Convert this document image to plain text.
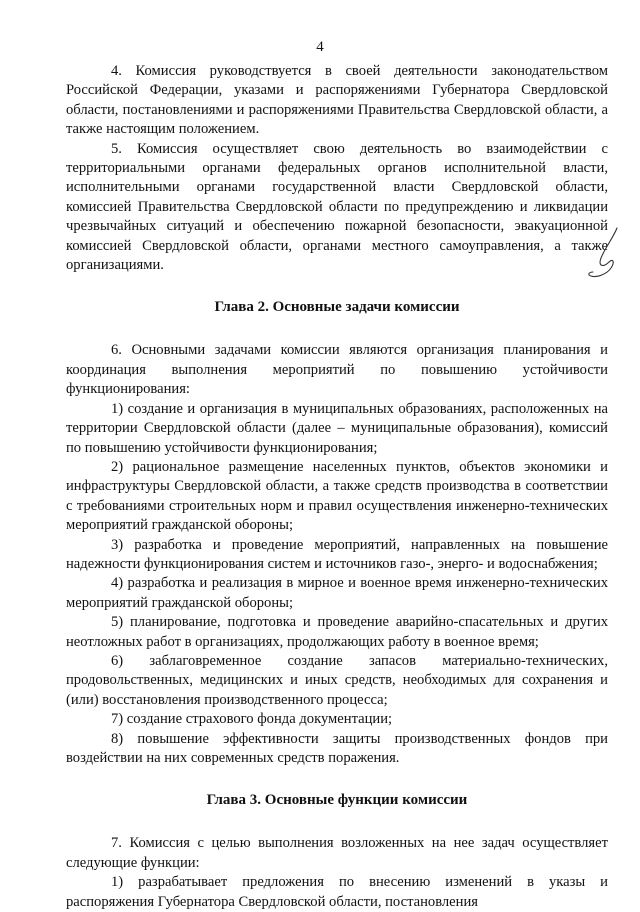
4

4. Комиссия руководствуется в своей деятельности законодательством Российской Федерации, указами и распоряжениями Губернатора Свердловской области, постановлениями и распоряжениями Правительства Свердловской области, а также настоящим положением.

5. Комиссия осуществляет свою деятельность во взаимодействии с территориальными органами федеральных органов исполнительной власти, исполнительными органами государственной власти Свердловской области, комиссией Правительства Свердловской области по предупреждению и ликвидации чрезвычайных ситуаций и обеспечению пожарной безопасности, эвакуационной комиссией Свердловской области, органами местного самоуправления, а также организациями.

Глава 2. Основные задачи комиссии

6. Основными задачами комиссии являются организация планирования и координация выполнения мероприятий по повышению устойчивости функционирования:

1) создание и организация в муниципальных образованиях, расположенных на территории Свердловской области (далее – муниципальные образования), комиссий по повышению устойчивости функционирования;

2) рациональное размещение населенных пунктов, объектов экономики и инфраструктуры Свердловской области, а также средств производства в соответствии с требованиями строительных норм и правил осуществления инженерно-технических мероприятий гражданской обороны;

3) разработка и проведение мероприятий, направленных на повышение надежности функционирования систем и источников газо-, энерго- и водоснабжения;

4) разработка и реализация в мирное и военное время инженерно-технических мероприятий гражданской обороны;

5) планирование, подготовка и проведение аварийно-спасательных и других неотложных работ в организациях, продолжающих работу в военное время;

6) заблаговременное создание запасов материально-технических, продовольственных, медицинских и иных средств, необходимых для сохранения и (или) восстановления производственного процесса;

7) создание страхового фонда документации;

8) повышение эффективности защиты производственных фондов при воздействии на них современных средств поражения.

Глава 3. Основные функции комиссии

7. Комиссия с целью выполнения возложенных на нее задач осуществляет следующие функции:

1) разрабатывает предложения по внесению изменений в указы и распоряжения Губернатора Свердловской области, постановления
